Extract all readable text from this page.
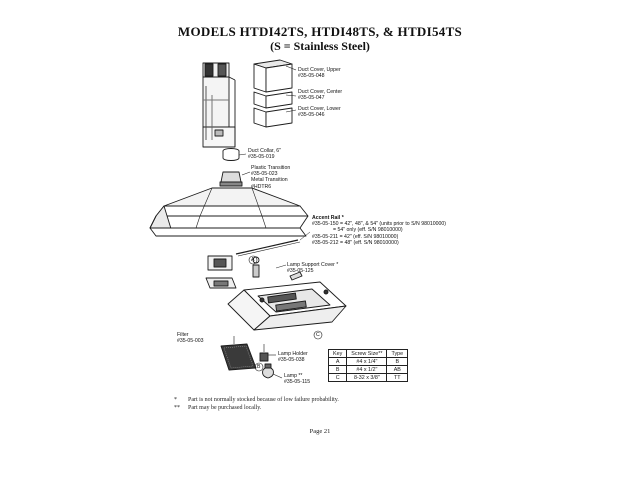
MODELS HTDI42TS, HTDI48TS, & HTDI54TS
(S = Stainless Steel)
A
C
B
Duct Cover, Upper
#35-05-048
Duct Cover, Center
#35-05-047
Duct Cover, Lower
#35-05-046
Duct Collar, 6"
#35-05-019
Plastic Transition
#35-05-023
Metal Transition
#HDTR6
Accent Rail *
#35-05-150 = 42", 48", & 54" (units prior to S/N 98010000)
= 54" only (eff. S/N 98010000)
#35-05-211 = 42" (eff. S/N 98010000)
#35-05-212 = 48" (eff. S/N 98010000)
Lamp Support Cover *
#35-05-125
Filter
#35-05-003
Lamp Holder
#35-05-038
Lamp **
#35-05-115
Key	Screw Size**	Type
A	#4 x 1/4"	B
B	#4 x 1/2"	AB
C	8-32 x 3/8"	TT
* Part is not normally stocked because of low failure probability.
** Part may be purchased locally.
Page 21
